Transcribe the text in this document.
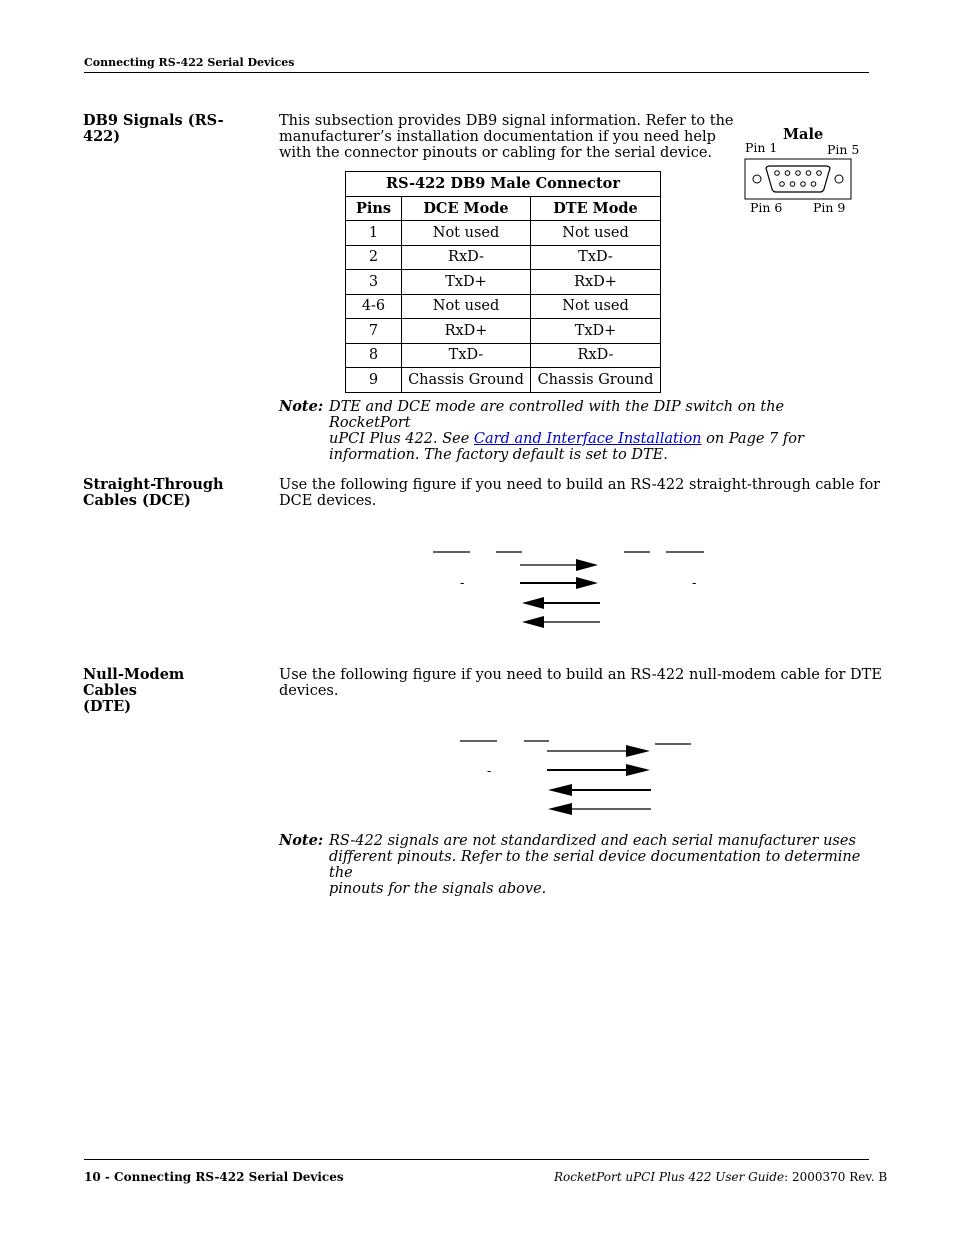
Connecting RS-422 Serial Devices
DB9 Signals (RS-
422)
This subsection provides DB9 signal information. Refer to the
manufacturer’s installation documentation if you need help
with the connector pinouts or cabling for the serial device.
Male
Pin 1	Pin 5
Pin 6 Pin 9
RS-422 DB9 Male Connector		
Pins	DCE Mode	DTE Mode
1	Not used	Not used
2	RxD-	TxD-
3	TxD+	RxD+
4-6	Not used	Not used
7	RxD+	TxD+
8	TxD-	RxD-
9	Chassis Ground	Chassis Ground
Note: DTE and DCE mode are controlled with the DIP switch on the RocketPort
uPCI Plus 422. See Card and Interface Installation on Page 7 for
information. The factory default is set to DTE.
Straight-Through
Cables (DCE)
Use the following figure if you need to build an RS-422 straight-through cable for
DCE devices.
-	-
Null-Modem Cables
(DTE)
Use the following figure if you need to build an RS-422 null-modem cable for DTE
devices.
-
Note: RS-422 signals are not standardized and each serial manufacturer uses
different pinouts. Refer to the serial device documentation to determine the
pinouts for the signals above.
10 - Connecting RS-422 Serial Devices	RocketPort uPCI Plus 422 User Guide: 2000370 Rev. B
